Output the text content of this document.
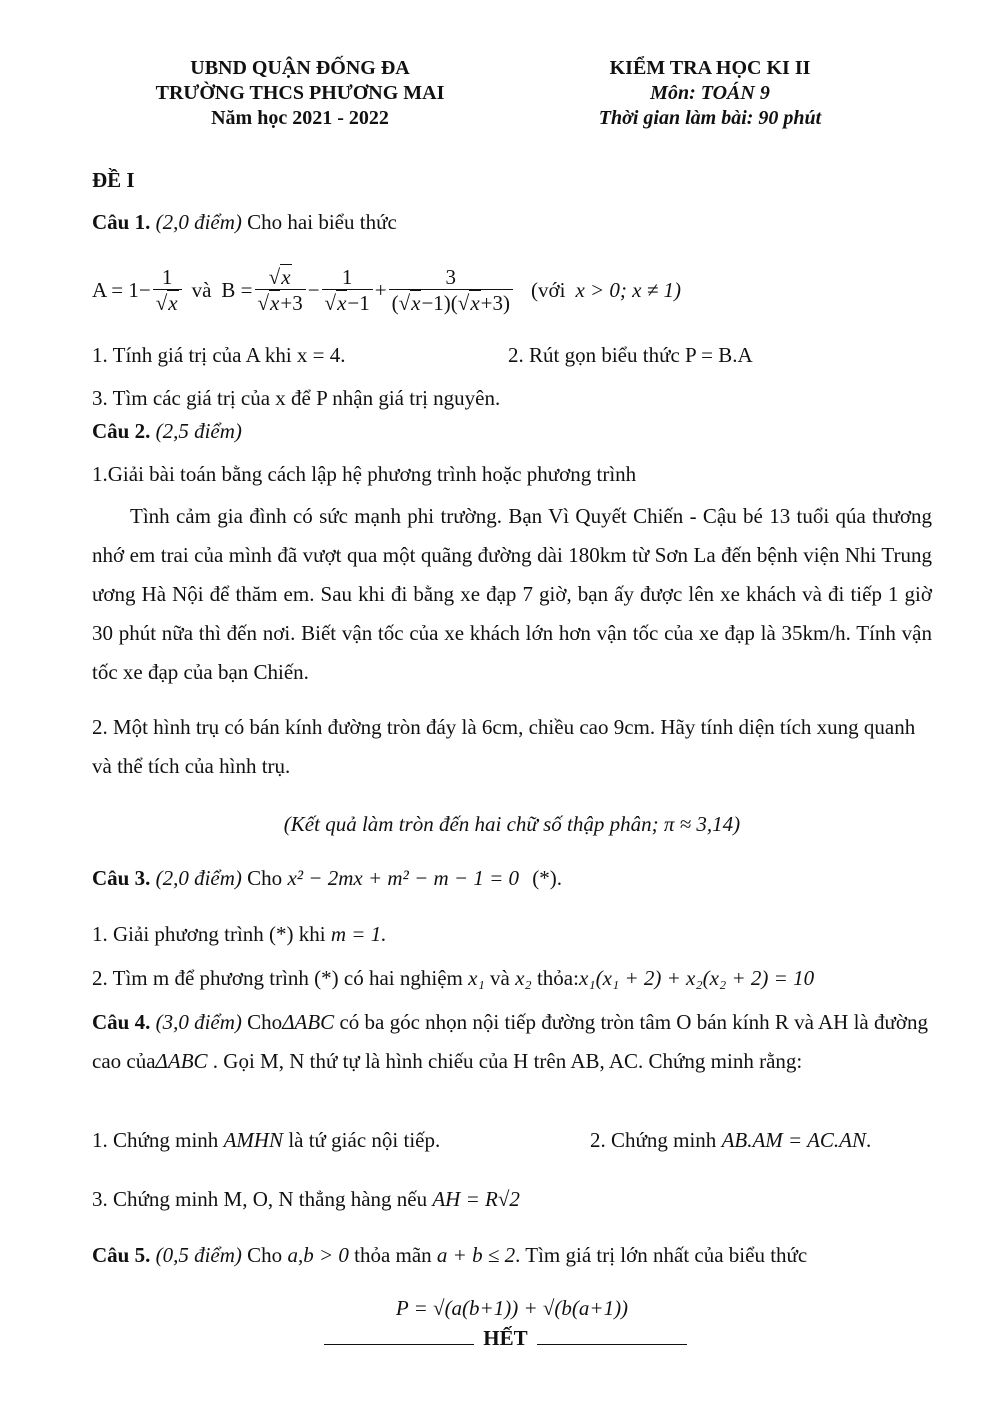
UBND QUẬN ĐỐNG ĐA
TRƯỜNG THCS PHƯƠNG MAI
Năm học 2021 - 2022
KIỂM TRA HỌC KI II
Môn: TOÁN 9
Thời gian làm bài: 90 phút
ĐỀ I
Câu 1. (2,0 điểm) Cho hai biểu thức
$A = 1- \frac{1}{√x}$ và $B = \frac{√x}{√x+3} - \frac{1}{√x-1} + \frac{3}{(√x-1)(√x+3)}$ (với x > 0; x ≠ 1)
1. Tính giá trị của A khi x = 4.	2. Rút gọn biểu thức P = B.A
3. Tìm các giá trị của x để P nhận giá trị nguyên.
Câu 2. (2,5 điểm)
1.Giải bài toán bằng cách lập hệ phương trình hoặc phương trình
Tình cảm gia đình có sức mạnh phi trường. Bạn Vì Quyết Chiến - Cậu bé 13 tuổi qúa thương nhớ em trai của mình đã vượt qua một quãng đường dài 180km từ Sơn La đến bệnh viện Nhi Trung ương Hà Nội để thăm em. Sau khi đi bằng xe đạp 7 giờ, bạn ấy được lên xe khách và đi tiếp 1 giờ 30 phút nữa thì đến nơi. Biết vận tốc của xe khách lớn hơn vận tốc của xe đạp là 35km/h. Tính vận tốc xe đạp của bạn Chiến.
2. Một hình trụ có bán kính đường tròn đáy là 6cm, chiều cao 9cm. Hãy tính diện tích xung quanh và thể tích của hình trụ.
(Kết quả làm tròn đến hai chữ số thập phân; π ≈ 3,14)
Câu 3. (2,0 điểm) Cho x² − 2mx + m² − m − 1 = 0 (*).
1. Giải phương trình (*) khi m = 1.
2. Tìm m để phương trình (*) có hai nghiệm x₁ và x₂ thỏa:x₁(x₁ + 2) + x₂(x₂ + 2) = 10
Câu 4. (3,0 điểm) ChoΔABC có ba góc nhọn nội tiếp đường tròn tâm O bán kính R và AH là đường cao củaΔABC . Gọi M, N thứ tự là hình chiếu của H trên AB, AC. Chứng minh rằng:
1. Chứng minh AMHN là tứ giác nội tiếp.	2. Chứng minh AB.AM = AC.AN.
3. Chứng minh M, O, N thẳng hàng nếu AH = R√2
Câu 5. (0,5 điểm) Cho a,b > 0 thỏa mãn a + b ≤ 2. Tìm giá trị lớn nhất của biểu thức
P = √(a(b+1)) + √(b(a+1))
HẾT
